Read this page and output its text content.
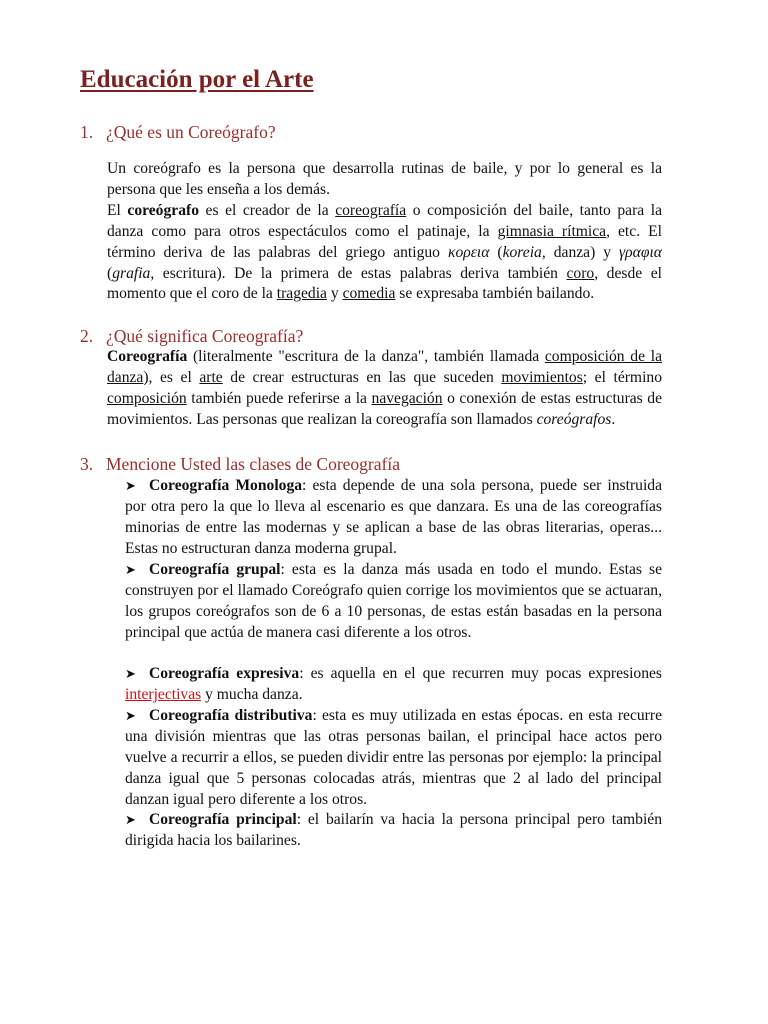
Educación por el Arte

1. ¿Qué es un Coreógrafo?

Un coreógrafo es la persona que desarrolla rutinas de baile, y por lo general es la persona que les enseña a los demás.
El coreógrafo es el creador de la coreografía o composición del baile, tanto para la danza como para otros espectáculos como el patinaje, la gimnasia rítmica, etc. El término deriva de las palabras del griego antiguo κορεια (koreia, danza) y γραφια (grafia, escritura). De la primera de estas palabras deriva también coro, desde el momento que el coro de la tragedia y comedia se expresaba también bailando.

2. ¿Qué significa Coreografía?

Coreografía (literalmente "escritura de la danza", también llamada composición de la danza), es el arte de crear estructuras en las que suceden movimientos; el término composición también puede referirse a la navegación o conexión de estas estructuras de movimientos. Las personas que realizan la coreografía son llamados coreógrafos.

3. Mencione Usted las clases de Coreografía

➤ Coreografía Monologa: esta depende de una sola persona, puede ser instruida por otra pero la que lo lleva al escenario es que danzara. Es una de las coreografías minorias de entre las modernas y se aplican a base de las obras literarias, operas... Estas no estructuran danza moderna grupal.

➤ Coreografía grupal: esta es la danza más usada en todo el mundo. Estas se construyen por el llamado Coreógrafo quien corrige los movimientos que se actuaran, los grupos coreógrafos son de 6 a 10 personas, de estas están basadas en la persona principal que actúa de manera casi diferente a los otros.

➤ Coreografía expresiva: es aquella en el que recurren muy pocas expresiones interjectivas y mucha danza.

➤ Coreografía distributiva: esta es muy utilizada en estas épocas. en esta recurre una división mientras que las otras personas bailan, el principal hace actos pero vuelve a recurrir a ellos, se pueden dividir entre las personas por ejemplo: la principal danza igual que 5 personas colocadas atrás, mientras que 2 al lado del principal danzan igual pero diferente a los otros.

➤ Coreografía principal: el bailarín va hacia la persona principal pero también dirigida hacia los bailarines.
